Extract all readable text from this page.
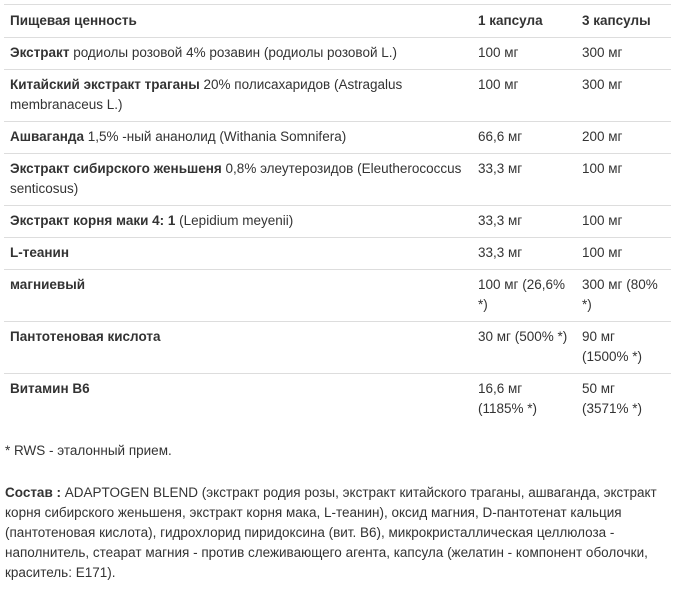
Пищевая ценность	1 капсула	3 капсулы
Экстракт родиолы розовой 4% розавин (родиолы розовой L.)	100 мг	300 мг
Китайский экстракт траганы 20% полисахаридов (Astragalus membranaceus L.)	100 мг	300 мг
Ашваганда 1,5% -ный ананолид (Withania Somnifera)	66,6 мг	200 мг
Экстракт сибирского женьшеня 0,8% элеутерозидов (Eleutherococcus senticosus)	33,3 мг	100 мг
Экстракт корня маки 4: 1 (Lepidium meyenii)	33,3 мг	100 мг
L-теанин	33,3 мг	100 мг
магниевый	100 мг (26,6% *)	300 мг (80% *)
Пантотеновая кислота	30 мг (500% *)	90 мг (1500% *)
Витамин B6	16,6 мг (1185% *)	50 мг (3571% *)

* RWS - эталонный прием.

Состав : ADAPTOGEN BLEND (экстракт родия розы, экстракт китайского траганы, ашваганда, экстракт корня сибирского женьшеня, экстракт корня мака, L-теанин), оксид магния, D-пантотенат кальция (пантотеновая кислота), гидрохлорид пиридоксина (вит. B6), микрокристаллическая целлюлоза - наполнитель, стеарат магния - против слеживающего агента, капсула (желатин - компонент оболочки, краситель: E171).
